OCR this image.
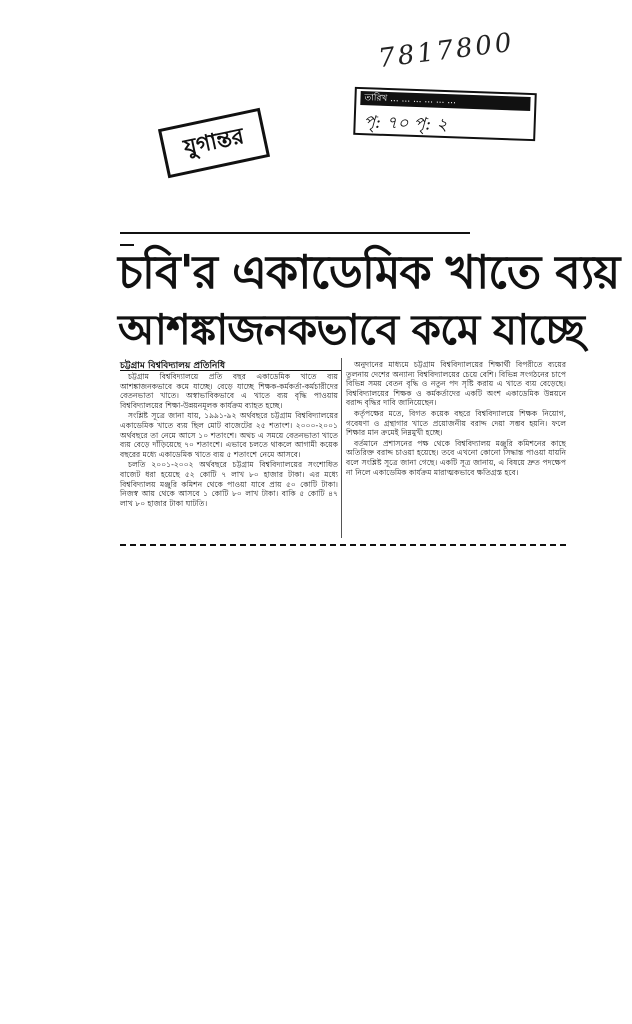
7817800
তারিখ ... ... ... ... ... ...
পৃ: ৭০ পৃ: ২
যুগান্তর
চবি'র একাডেমিক খাতে ব্যয়
আশঙ্কাজনকভাবে কমে যাচ্ছে
চট্টগ্রাম বিশ্ববিদ্যালয় প্রতিনিধি

চট্টগ্রাম বিশ্ববিদ্যালয়ে প্রতি বছর একাডেমিক খাতে ব্যয় আশঙ্কাজনকভাবে কমে যাচ্ছে। বেড়ে যাচ্ছে শিক্ষক-কর্মকর্তা-কর্মচারীদের বেতনভাতা খাতে। অস্বাভাবিকভাবে এ খাতে ব্যয় বৃদ্ধি পাওয়ায় বিশ্ববিদ্যালয়ের শিক্ষা-উন্নয়নমূলক কার্যক্রম ব্যাহত হচ্ছে।

সংশ্লিষ্ট সূত্রে জানা যায়, ১৯৯১-৯২ অর্থবছরে চট্টগ্রাম বিশ্ববিদ্যালয়ের একাডেমিক খাতে ব্যয় ছিল মোট বাজেটের ২৫ শতাংশ। ২০০০-২০০১ অর্থবছরে তা নেমে আসে ১০ শতাংশে। অথচ এ সময়ে বেতনভাতা খাতে ব্যয় বেড়ে দাঁড়িয়েছে ৭০ শতাংশে। এভাবে চলতে থাকলে আগামী কয়েক বছরের মধ্যে একাডেমিক খাতে ব্যয় ৫ শতাংশে নেমে আসবে।

চলতি ২০০১-২০০২ অর্থবছরে চট্টগ্রাম বিশ্ববিদ্যালয়ের সংশোধিত বাজেট ধরা হয়েছে ৫২ কোটি ৭ লাখ ৮০ হাজার টাকা। এর মধ্যে বিশ্ববিদ্যালয় মঞ্জুরি কমিশন থেকে পাওয়া যাবে প্রায় ৫০ কোটি টাকা। নিজস্ব আয় থেকে আসবে ১ কোটি ৮০ লাখ টাকা। বাকি ৫ কোটি ৪৭ লাখ ৮০ হাজার টাকা ঘাটতি।

অনুদানের মাধ্যমে চট্টগ্রাম বিশ্ববিদ্যালয়ের শিক্ষার্থী বিপরীতে ব্যয়ের তুলনায় দেশের অন্যান্য বিশ্ববিদ্যালয়ের চেয়ে বেশি। বিভিন্ন সংগঠনের চাপে বিভিন্ন সময় বেতন বৃদ্ধি ও নতুন পদ সৃষ্টি করায় এ খাতে ব্যয় বেড়েছে। বিশ্ববিদ্যালয়ের শিক্ষক ও কর্মকর্তাদের একটি অংশ একাডেমিক উন্নয়নে বরাদ্দ বৃদ্ধির দাবি জানিয়েছেন।

কর্তৃপক্ষের মতে, বিগত কয়েক বছরে বিশ্ববিদ্যালয়ে শিক্ষক নিয়োগ, গবেষণা ও গ্রন্থাগার খাতে প্রয়োজনীয় বরাদ্দ দেয়া সম্ভব হয়নি। ফলে শিক্ষার মান ক্রমেই নিম্নমুখী হচ্ছে।

বর্তমানে প্রশাসনের পক্ষ থেকে বিশ্ববিদ্যালয় মঞ্জুরি কমিশনের কাছে অতিরিক্ত বরাদ্দ চাওয়া হয়েছে। তবে এখনো কোনো সিদ্ধান্ত পাওয়া যায়নি বলে সংশ্লিষ্ট সূত্রে জানা গেছে। একটি সূত্র জানায়, এ বিষয়ে দ্রুত পদক্ষেপ না নিলে একাডেমিক কার্যক্রম মারাত্মকভাবে ক্ষতিগ্রস্ত হবে।
